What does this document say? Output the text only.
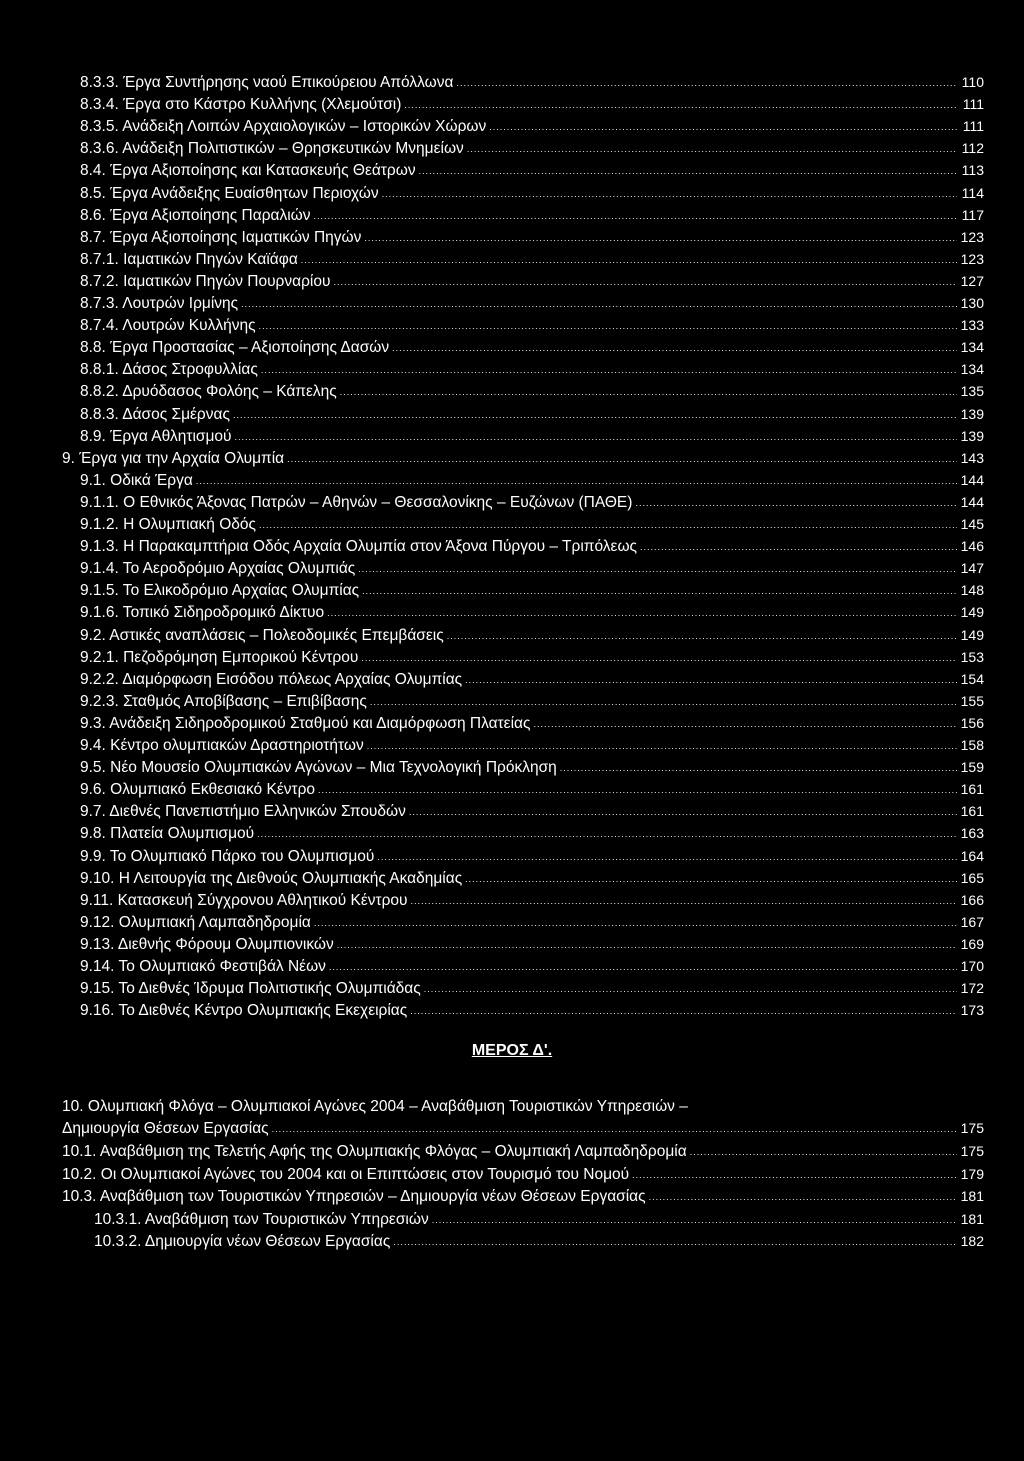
8.3.3. Έργα Συντήρησης ναού Επικούρειου Απόλλωνα .....	110
8.3.4. Έργα στο Κάστρο Κυλλήνης (Χλεμούτσι) .....	111
8.3.5. Ανάδειξη Λοιπών Αρχαιολογικών – Ιστορικών Χώρων .....	111
8.3.6. Ανάδειξη Πολιτιστικών – Θρησκευτικών Μνημείων .....	112
8.4. Έργα Αξιοποίησης και Κατασκευής Θεάτρων .....	113
8.5. Έργα Ανάδειξης Ευαίσθητων Περιοχών .....	114
8.6. Έργα Αξιοποίησης Παραλιών .....	117
8.7. Έργα Αξιοποίησης Ιαματικών Πηγών .....	123
8.7.1. Ιαματικών Πηγών Καϊάφα .....	123
8.7.2. Ιαματικών Πηγών Πουρναρίου .....	127
8.7.3. Λουτρών Ιρμίνης .....	130
8.7.4. Λουτρών Κυλλήνης .....	133
8.8. Έργα Προστασίας – Αξιοποίησης Δασών .....	134
8.8.1. Δάσος Στροφυλλίας .....	134
8.8.2. Δρυόδασος Φολόης – Κάπελης .....	135
8.8.3. Δάσος Σμέρνας .....	139
8.9. Έργα Αθλητισμού .....	139
9. Έργα για την Αρχαία Ολυμπία .....	143
9.1. Οδικά Έργα .....	144
9.1.1. Ο Εθνικός Άξονας Πατρών – Αθηνών – Θεσσαλονίκης – Ευζώνων (ΠΑΘΕ) .....	144
9.1.2. Η Ολυμπιακή Οδός .....	145
9.1.3. Η Παρακαμπτήρια Οδός Αρχαία Ολυμπία στον Άξονα Πύργου – Τριπόλεως .....	146
9.1.4. Το Αεροδρόμιο Αρχαίας Ολυμπιάς .....	147
9.1.5. Το Ελικοδρόμιο Αρχαίας Ολυμπίας .....	148
9.1.6. Τοπικό Σιδηροδρομικό Δίκτυο .....	149
9.2. Αστικές αναπλάσεις – Πολεοδομικές Επεμβάσεις .....	149
9.2.1. Πεζοδρόμηση Εμπορικού Κέντρου .....	153
9.2.2. Διαμόρφωση Εισόδου πόλεως Αρχαίας Ολυμπίας .....	154
9.2.3. Σταθμός Αποβίβασης – Επιβίβασης .....	155
9.3. Ανάδειξη Σιδηροδρομικού Σταθμού και Διαμόρφωση Πλατείας .....	156
9.4. Κέντρο ολυμπιακών Δραστηριοτήτων .....	158
9.5. Νέο Μουσείο Ολυμπιακών Αγώνων – Μια Τεχνολογική Πρόκληση .....	159
9.6. Ολυμπιακό Εκθεσιακό Κέντρο .....	161
9.7. Διεθνές Πανεπιστήμιο Ελληνικών Σπουδών .....	161
9.8. Πλατεία Ολυμπισμού .....	163
9.9. Το Ολυμπιακό Πάρκο του Ολυμπισμού .....	164
9.10. Η Λειτουργία της Διεθνούς Ολυμπιακής Ακαδημίας .....	165
9.11. Κατασκευή Σύγχρονου Αθλητικού Κέντρου .....	166
9.12. Ολυμπιακή Λαμπαδηδρομία .....	167
9.13. Διεθνής Φόρουμ Ολυμπιονικών .....	169
9.14. Το Ολυμπιακό Φεστιβάλ Νέων .....	170
9.15. Το Διεθνές Ίδρυμα Πολιτιστικής Ολυμπιάδας .....	172
9.16. Το Διεθνές Κέντρο Ολυμπιακής Εκεχειρίας .....	173
ΜΕΡΟΣ Δ'.
10. Ολυμπιακή Φλόγα – Ολυμπιακοί Αγώνες 2004 – Αναβάθμιση Τουριστικών Υπηρεσιών –
Δημιουργία Θέσεων Εργασίας .....	175
10.1. Αναβάθμιση της Τελετής Αφής της Ολυμπιακής Φλόγας – Ολυμπιακή Λαμπαδηδρομία .....	175
10.2. Οι Ολυμπιακοί Αγώνες του 2004 και οι Επιπτώσεις στον Τουρισμό του Νομού .....	179
10.3. Αναβάθμιση των Τουριστικών Υπηρεσιών – Δημιουργία νέων Θέσεων Εργασίας .....	181
10.3.1. Αναβάθμιση των Τουριστικών Υπηρεσιών .....	181
10.3.2. Δημιουργία νέων Θέσεων Εργασίας .....	182
